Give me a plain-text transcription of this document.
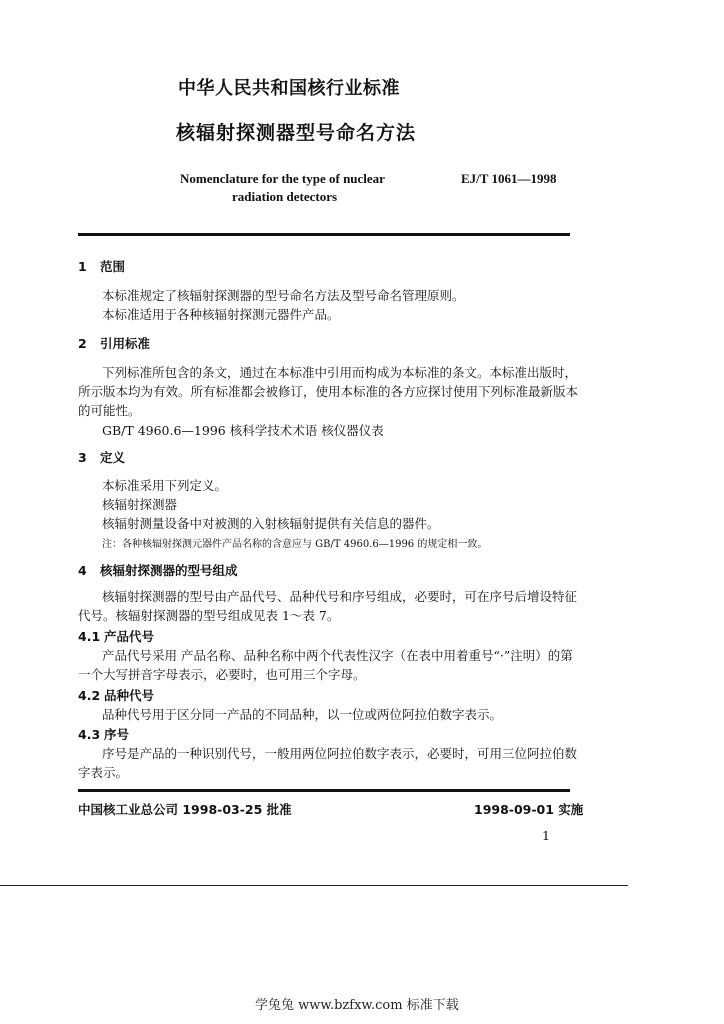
中华人民共和国核行业标准
核辐射探测器型号命名方法
Nomenclature for the type of nuclear
radiation detectors
EJ/T 1061—1998
1 范围
本标准规定了核辐射探测器的型号命名方法及型号命名管理原则。
本标准适用于各种核辐射探测元器件产品。
2 引用标准
下列标准所包含的条文，通过在本标准中引用而构成为本标准的条文。本标准出版时，
所示版本均为有效。所有标准都会被修订，使用本标准的各方应探讨使用下列标准最新版本
的可能性。
GB/T 4960.6—1996 核科学技术术语 核仪器仪表
3 定义
本标准采用下列定义。
核辐射探测器
核辐射测量设备中对被测的入射核辐射提供有关信息的器件。
注：各种核辐射探测元器件产品名称的含意应与 GB/T 4960.6—1996 的规定相一致。
4 核辐射探测器的型号组成
核辐射探测器的型号由产品代号、品种代号和序号组成，必要时，可在序号后增设特征
代号。核辐射探测器的型号组成见表 1～表 7。
4.1 产品代号
产品代号采用 产品名称、品种名称中两个代表性汉字（在表中用着重号“·”注明）的第
一个大写拼音字母表示，必要时，也可用三个字母。
4.2 品种代号
品种代号用于区分同一产品的不同品种，以一位或两位阿拉伯数字表示。
4.3 序号
序号是产品的一种识别代号，一般用两位阿拉伯数字表示，必要时，可用三位阿拉伯数
字表示。
中国核工业总公司 1998-03-25 批准	1998-09-01 实施
1
学兔兔 www.bzfxw.com 标准下载
